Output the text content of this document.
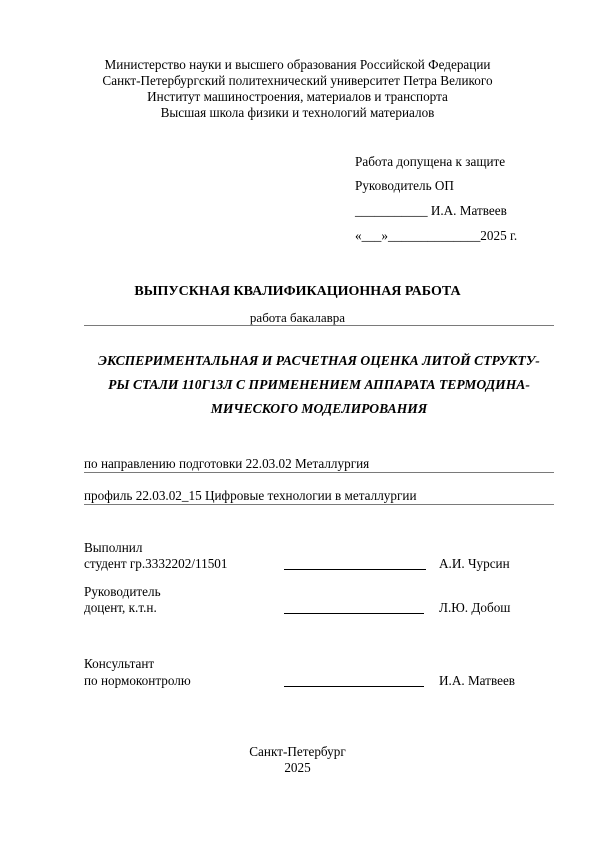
Министерство науки и высшего образования Российской Федерации
Санкт-Петербургский политехнический университет Петра Великого
Институт машиностроения, материалов и транспорта
Высшая школа физики и технологий материалов
Работа допущена к защите
Руководитель ОП
___________ И.А. Матвеев
«___»______________2025 г.
ВЫПУСКНАЯ КВАЛИФИКАЦИОННАЯ РАБОТА
работа бакалавра
ЭКСПЕРИМЕНТАЛЬНАЯ И РАСЧЕТНАЯ ОЦЕНКА ЛИТОЙ СТРУКТУ-
РЫ СТАЛИ 110Г13Л С ПРИМЕНЕНИЕМ АППАРАТА ТЕРМОДИНА-
МИЧЕСКОГО МОДЕЛИРОВАНИЯ
по направлению подготовки 22.03.02 Металлургия
профиль 22.03.02_15 Цифровые технологии в металлургии
Выполнил
студент гр.3332202/11501	А.И. Чурсин
Руководитель
доцент, к.т.н.	Л.Ю. Добош
Консультант
по нормоконтролю	И.А. Матвеев
Санкт-Петербург
2025
